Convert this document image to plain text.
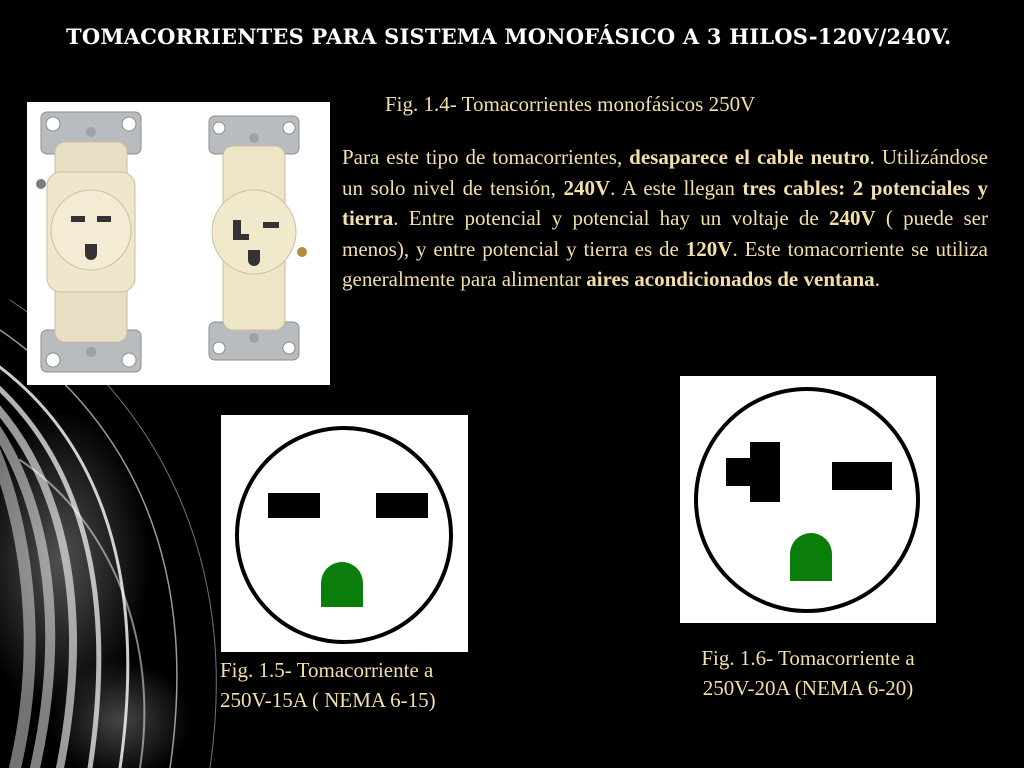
TOMACORRIENTES PARA SISTEMA MONOFÁSICO A 3 HILOS-120V/240V.
Fig. 1.4- Tomacorrientes monofásicos 250V
Para este tipo de tomacorrientes, desaparece el cable neutro. Utilizándose un solo nivel de tensión, 240V. A este llegan tres cables: 2 potenciales y tierra. Entre potencial y potencial hay un voltaje de 240V ( puede ser menos), y entre potencial y tierra es de 120V. Este tomacorriente se utiliza generalmente para alimentar aires acondicionados de ventana.
Fig. 1.5- Tomacorriente a
250V-15A ( NEMA 6-15)
Fig. 1.6- Tomacorriente a
250V-20A (NEMA 6-20)
